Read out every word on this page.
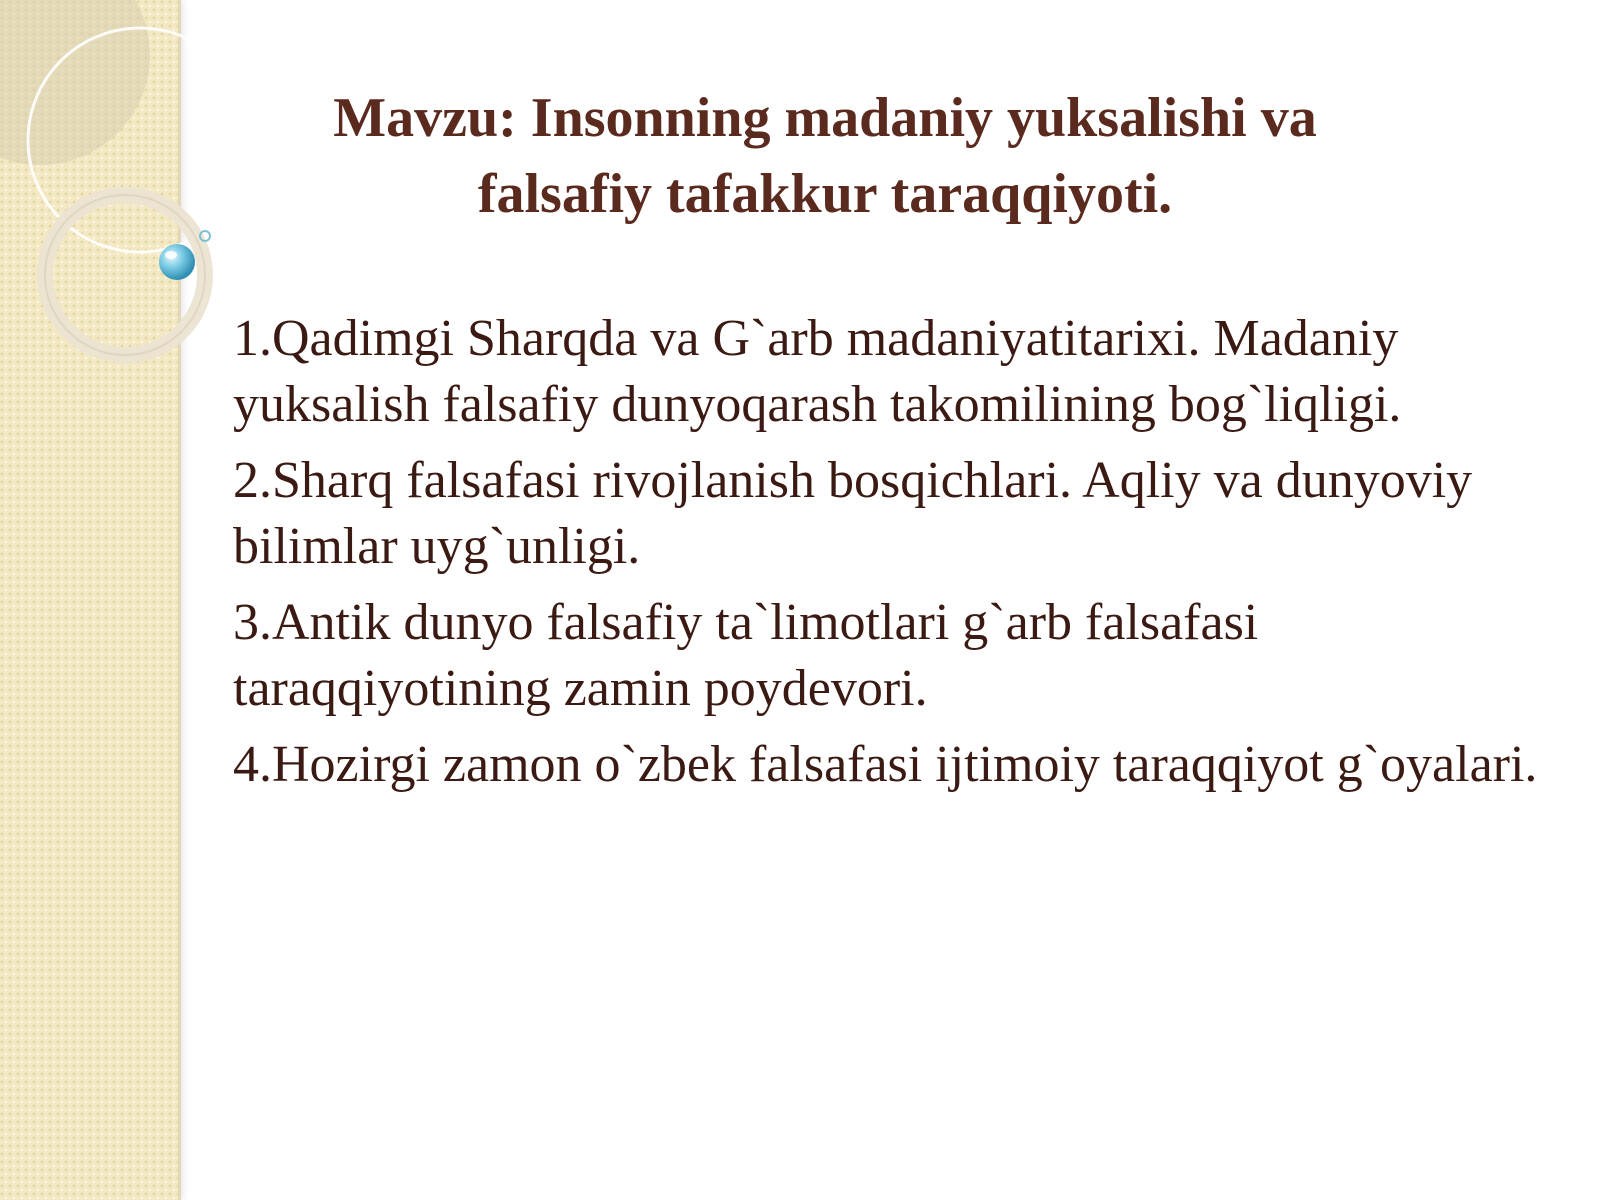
Mavzu: Insonning madaniy yuksalishi va
falsafiy tafakkur taraqqiyoti.
1.Qadimgi Sharqda va G`arb madaniyatitarixi. Madaniy yuksalish falsafiy dunyoqarash takomilining bog`liqligi.
2.Sharq falsafasi rivojlanish bosqichlari. Aqliy va dunyoviy bilimlar uyg`unligi.
3.Antik dunyo falsafiy ta`limotlari g`arb falsafasi taraqqiyotining zamin poydevori.
4.Hozirgi zamon o`zbek falsafasi ijtimoiy taraqqiyot g`oyalari.
